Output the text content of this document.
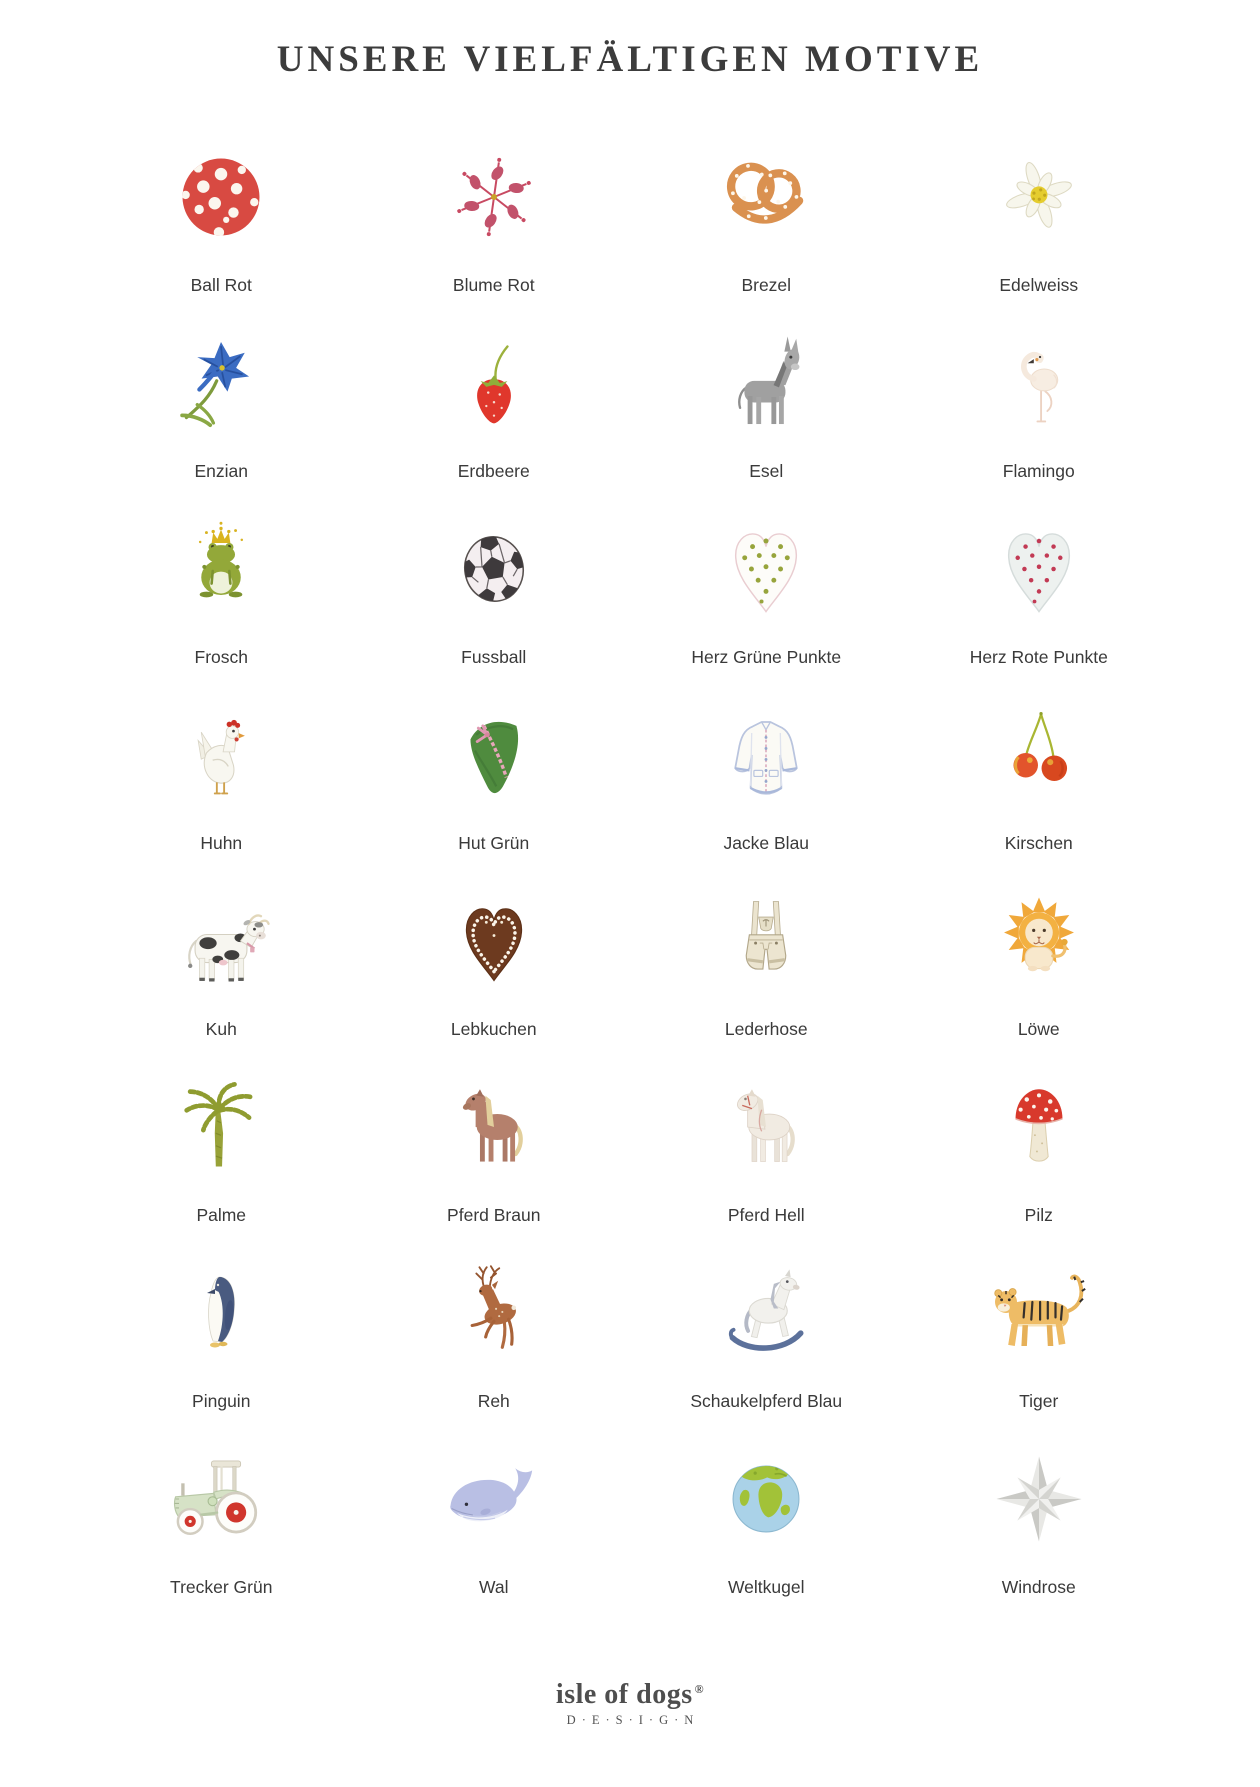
UNSERE VIELFÄLTIGEN MOTIVE
Ball Rot	Blume Rot	Brezel	Edelweiss
Enzian	Erdbeere	Esel	Flamingo
Frosch	Fussball	Herz Grüne Punkte	Herz Rote Punkte
Huhn	Hut Grün	Jacke Blau	Kirschen
Kuh	Lebkuchen	Lederhose	Löwe
Palme	Pferd Braun	Pferd Hell	Pilz
Pinguin	Reh	Schaukelpferd Blau	Tiger
Trecker Grün	Wal	Weltkugel	Windrose
isle of dogs ®
D·E·S·I·G·N
